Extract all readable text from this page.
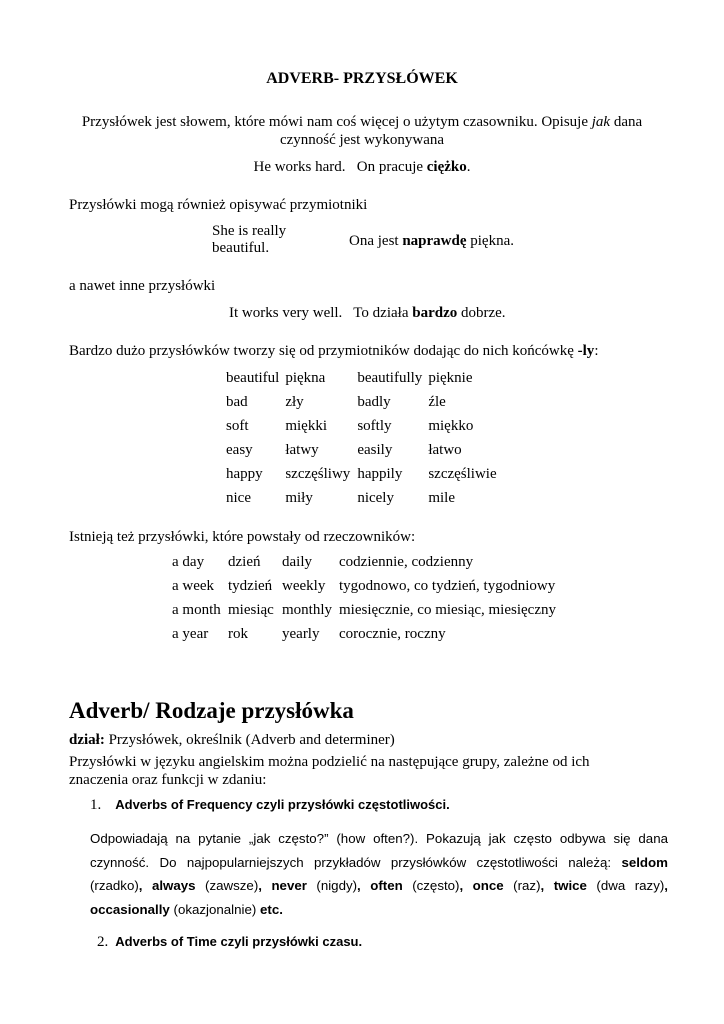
ADVERB- PRZYSŁÓWEK
Przysłówek jest słowem, które mówi nam coś więcej o użytym czasowniku. Opisuje jak dana czynność jest wykonywana
He works hard. On pracuje ciężko.
Przysłówki mogą również opisywać przymiotniki
She is really
beautiful.	Ona jest naprawdę piękna.
a nawet inne przysłówki
It works very well. To działa bardzo dobrze.
Bardzo dużo przysłówków tworzy się od przymiotników dodając do nich końcówkę -ly:
beautiful	piękna	beautifully	pięknie
bad	zły	badly	źle
soft	miękki	softly	miękko
easy	łatwy	easily	łatwo
happy	szczęśliwy	happily	szczęśliwie
nice	miły	nicely	mile
Istnieją też przysłówki, które powstały od rzeczowników:
a day	dzień	daily	codziennie, codzienny
a week	tydzień	weekly	tygodnowo, co tydzień, tygodniowy
a month	miesiąc	monthly	miesięcznie, co miesiąc, miesięczny
a year	rok	yearly	corocznie, roczny
Adverb/ Rodzaje przysłówka
dział: Przysłówek, określnik (Adverb and determiner)
Przysłówki w języku angielskim można podzielić na następujące grupy, zależne od ich znaczenia oraz funkcji w zdaniu:
1. Adverbs of Frequency czyli przysłówki częstotliwości.
Odpowiadają na pytanie „jak często?” (how often?). Pokazują jak często odbywa się dana czynność. Do najpopularniejszych przykładów przysłówków częstotliwości należą: seldom (rzadko), always (zawsze), never (nigdy), often (często), once (raz), twice (dwa razy), occasionally (okazjonalnie) etc.
2. Adverbs of Time czyli przysłówki czasu.
